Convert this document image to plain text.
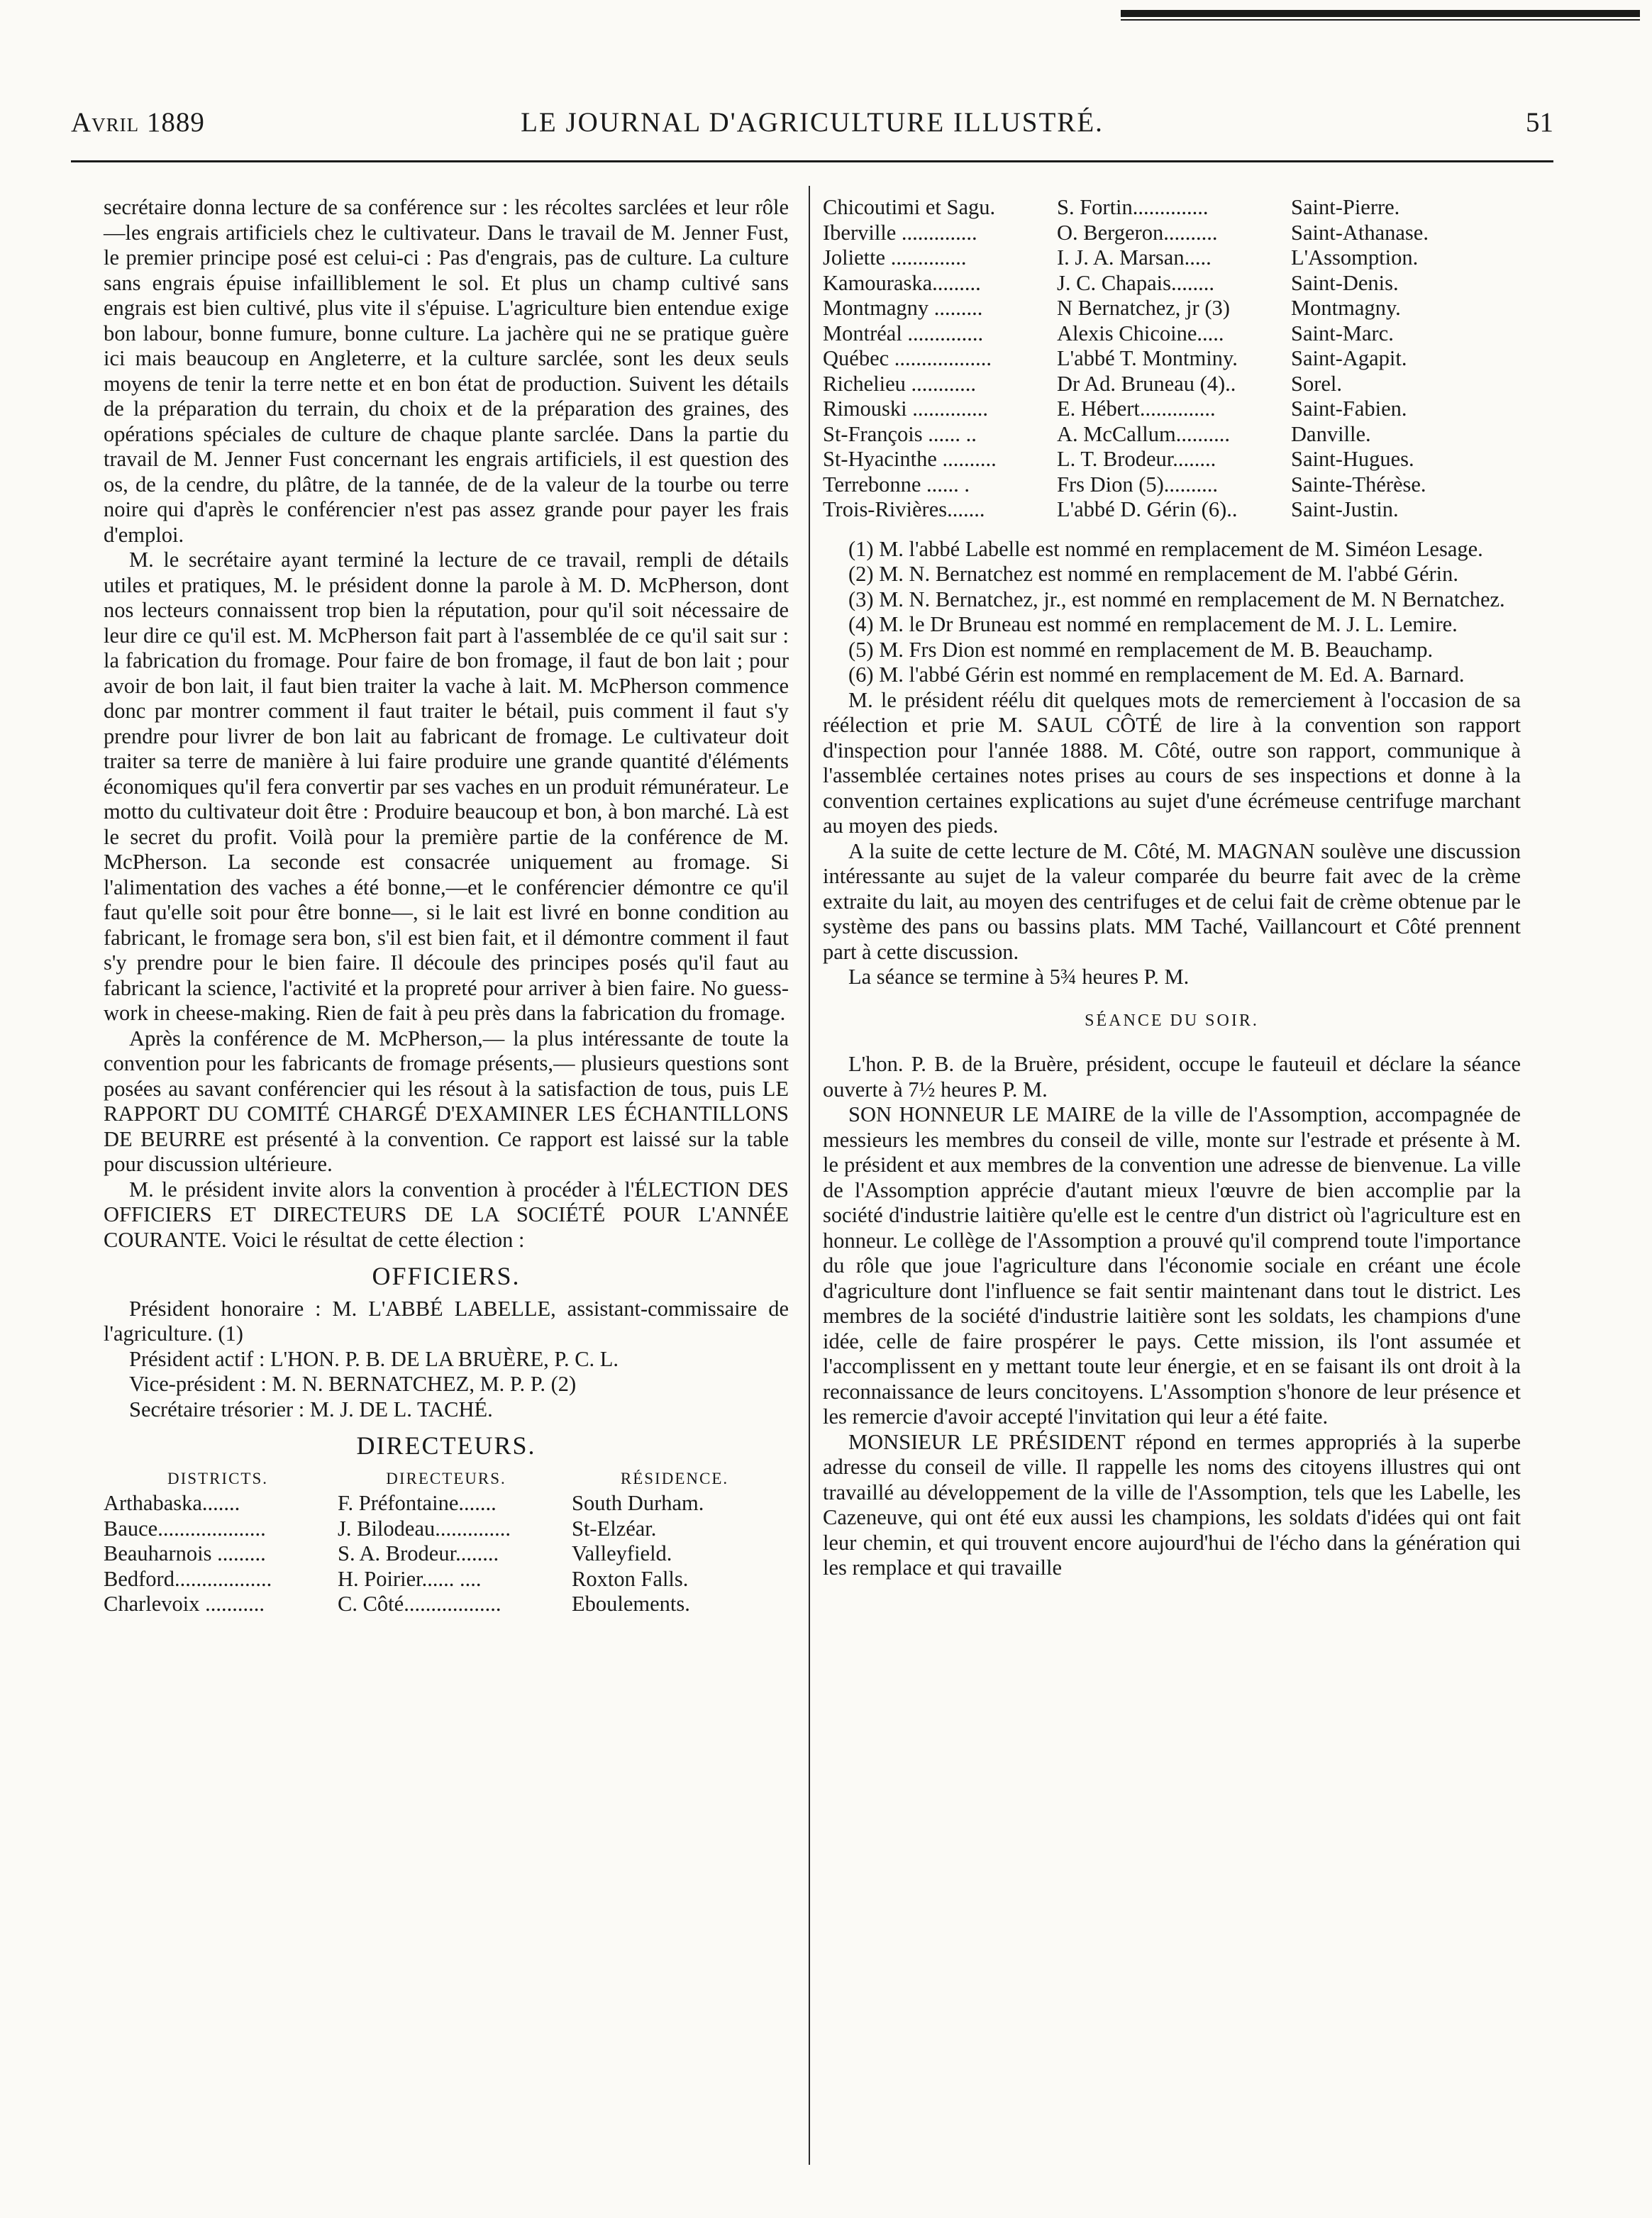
Avril 1889	LE JOURNAL D'AGRICULTURE ILLUSTRÉ.	51

secrétaire donna lecture de sa conférence sur : les récoltes sarclées et leur rôle—les engrais artificiels chez le cultivateur. Dans le travail de M. Jenner Fust, le premier principe posé est celui-ci : Pas d'engrais, pas de culture. La culture sans engrais épuise infailliblement le sol. Et plus un champ cultivé sans engrais est bien cultivé, plus vite il s'épuise. L'agriculture bien entendue exige bon labour, bonne fumure, bonne culture. La jachère qui ne se pratique guère ici mais beaucoup en Angleterre, et la culture sarclée, sont les deux seuls moyens de tenir la terre nette et en bon état de production. Suivent les détails de la préparation du terrain, du choix et de la préparation des graines, des opérations spéciales de culture de chaque plante sarclée. Dans la partie du travail de M. Jenner Fust concernant les engrais artificiels, il est question des os, de la cendre, du plâtre, de la tannée, de de la valeur de la tourbe ou terre noire qui d'après le conférencier n'est pas assez grande pour payer les frais d'emploi.

M. le secrétaire ayant terminé la lecture de ce travail, rempli de détails utiles et pratiques, M. le président donne la parole à M. D. McPherson, dont nos lecteurs connaissent trop bien la réputation, pour qu'il soit nécessaire de leur dire ce qu'il est. M. McPherson fait part à l'assemblée de ce qu'il sait sur : la fabrication du fromage. Pour faire de bon fromage, il faut de bon lait ; pour avoir de bon lait, il faut bien traiter la vache à lait. M. McPherson commence donc par montrer comment il faut traiter le bétail, puis comment il faut s'y prendre pour livrer de bon lait au fabricant de fromage. Le cultivateur doit traiter sa terre de manière à lui faire produire une grande quantité d'éléments économiques qu'il fera convertir par ses vaches en un produit rémunérateur. Le motto du cultivateur doit être : Produire beaucoup et bon, à bon marché. Là est le secret du profit. Voilà pour la première partie de la conférence de M. McPherson. La seconde est consacrée uniquement au fromage. Si l'alimentation des vaches a été bonne,—et le conférencier démontre ce qu'il faut qu'elle soit pour être bonne—, si le lait est livré en bonne condition au fabricant, le fromage sera bon, s'il est bien fait, et il démontre comment il faut s'y prendre pour le bien faire. Il découle des principes posés qu'il faut au fabricant la science, l'activité et la propreté pour arriver à bien faire. No guess-work in cheese-making. Rien de fait à peu près dans la fabrication du fromage.

Après la conférence de M. McPherson,— la plus intéressante de toute la convention pour les fabricants de fromage présents,— plusieurs questions sont posées au savant conférencier qui les résout à la satisfaction de tous, puis LE RAPPORT DU COMITÉ CHARGÉ D'EXAMINER LES ÉCHANTILLONS DE BEURRE est présenté à la convention. Ce rapport est laissé sur la table pour discussion ultérieure.

M. le président invite alors la convention à procéder à l'ÉLECTION DES OFFICIERS ET DIRECTEURS DE LA SOCIÉTÉ POUR L'ANNÉE COURANTE. Voici le résultat de cette élection :

OFFICIERS.

Président honoraire : M. L'ABBÉ LABELLE, assistant-commissaire de l'agriculture. (1)

Président actif : L'HON. P. B. DE LA BRUÈRE, P. C. L.

Vice-président : M. N. BERNATCHEZ, M. P. P. (2)

Secrétaire trésorier : M. J. DE L. TACHÉ.

DIRECTEURS.
DISTRICTS.	DIRECTEURS.	RÉSIDENCE.
Arthabaska.......	F. Préfontaine.......	South Durham.
Bauce....................	J. Bilodeau..............	St-Elzéar.
Beauharnois .........	S. A. Brodeur........	Valleyfield.
Bedford..................	H. Poirier...... ....	Roxton Falls.
Charlevoix ...........	C. Côté..................	Eboulements.
Chicoutimi et Sagu.	S. Fortin..............	Saint-Pierre.
Iberville ..............	O. Bergeron..........	Saint-Athanase.
Joliette ..............	I. J. A. Marsan.....	L'Assomption.
Kamouraska.........	J. C. Chapais........	Saint-Denis.
Montmagny .........	N Bernatchez, jr (3)	Montmagny.
Montréal ..............	Alexis Chicoine.....	Saint-Marc.
Québec ..................	L'abbé T. Montminy.	Saint-Agapit.
Richelieu ............	Dr Ad. Bruneau (4)..	Sorel.
Rimouski ..............	E. Hébert..............	Saint-Fabien.
St-François ...... ..	A. McCallum..........	Danville.
St-Hyacinthe ..........	L. T. Brodeur........	Saint-Hugues.
Terrebonne ...... .	Frs Dion (5)..........	Sainte-Thérèse.
Trois-Rivières.......	L'abbé D. Gérin (6)..	Saint-Justin.

(1) M. l'abbé Labelle est nommé en remplacement de M. Siméon Lesage.

(2) M. N. Bernatchez est nommé en remplacement de M. l'abbé Gérin.

(3) M. N. Bernatchez, jr., est nommé en remplacement de M. N Bernatchez.

(4) M. le Dr Bruneau est nommé en remplacement de M. J. L. Lemire.

(5) M. Frs Dion est nommé en remplacement de M. B. Beauchamp.

(6) M. l'abbé Gérin est nommé en remplacement de M. Ed. A. Barnard.

M. le président réélu dit quelques mots de remerciement à l'occasion de sa réélection et prie M. SAUL CÔTÉ de lire à la convention son rapport d'inspection pour l'année 1888. M. Côté, outre son rapport, communique à l'assemblée certaines notes prises au cours de ses inspections et donne à la convention certaines explications au sujet d'une écrémeuse centrifuge marchant au moyen des pieds.

A la suite de cette lecture de M. Côté, M. MAGNAN soulève une discussion intéressante au sujet de la valeur comparée du beurre fait avec de la crème extraite du lait, au moyen des centrifuges et de celui fait de crème obtenue par le système des pans ou bassins plats. MM Taché, Vaillancourt et Côté prennent part à cette discussion.

La séance se termine à 5¾ heures P. M.

SÉANCE DU SOIR.

L'hon. P. B. de la Bruère, président, occupe le fauteuil et déclare la séance ouverte à 7½ heures P. M.

SON HONNEUR LE MAIRE de la ville de l'Assomption, accompagnée de messieurs les membres du conseil de ville, monte sur l'estrade et présente à M. le président et aux membres de la convention une adresse de bienvenue. La ville de l'Assomption apprécie d'autant mieux l'œuvre de bien accomplie par la société d'industrie laitière qu'elle est le centre d'un district où l'agriculture est en honneur. Le collège de l'Assomption a prouvé qu'il comprend toute l'importance du rôle que joue l'agriculture dans l'économie sociale en créant une école d'agriculture dont l'influence se fait sentir maintenant dans tout le district. Les membres de la société d'industrie laitière sont les soldats, les champions d'une idée, celle de faire prospérer le pays. Cette mission, ils l'ont assumée et l'accomplissent en y mettant toute leur énergie, et en se faisant ils ont droit à la reconnaissance de leurs concitoyens. L'Assomption s'honore de leur présence et les remercie d'avoir accepté l'invitation qui leur a été faite.

MONSIEUR LE PRÉSIDENT répond en termes appropriés à la superbe adresse du conseil de ville. Il rappelle les noms des citoyens illustres qui ont travaillé au développement de la ville de l'Assomption, tels que les Labelle, les Cazeneuve, qui ont été eux aussi les champions, les soldats d'idées qui ont fait leur chemin, et qui trouvent encore aujourd'hui de l'écho dans la génération qui les remplace et qui travaille
